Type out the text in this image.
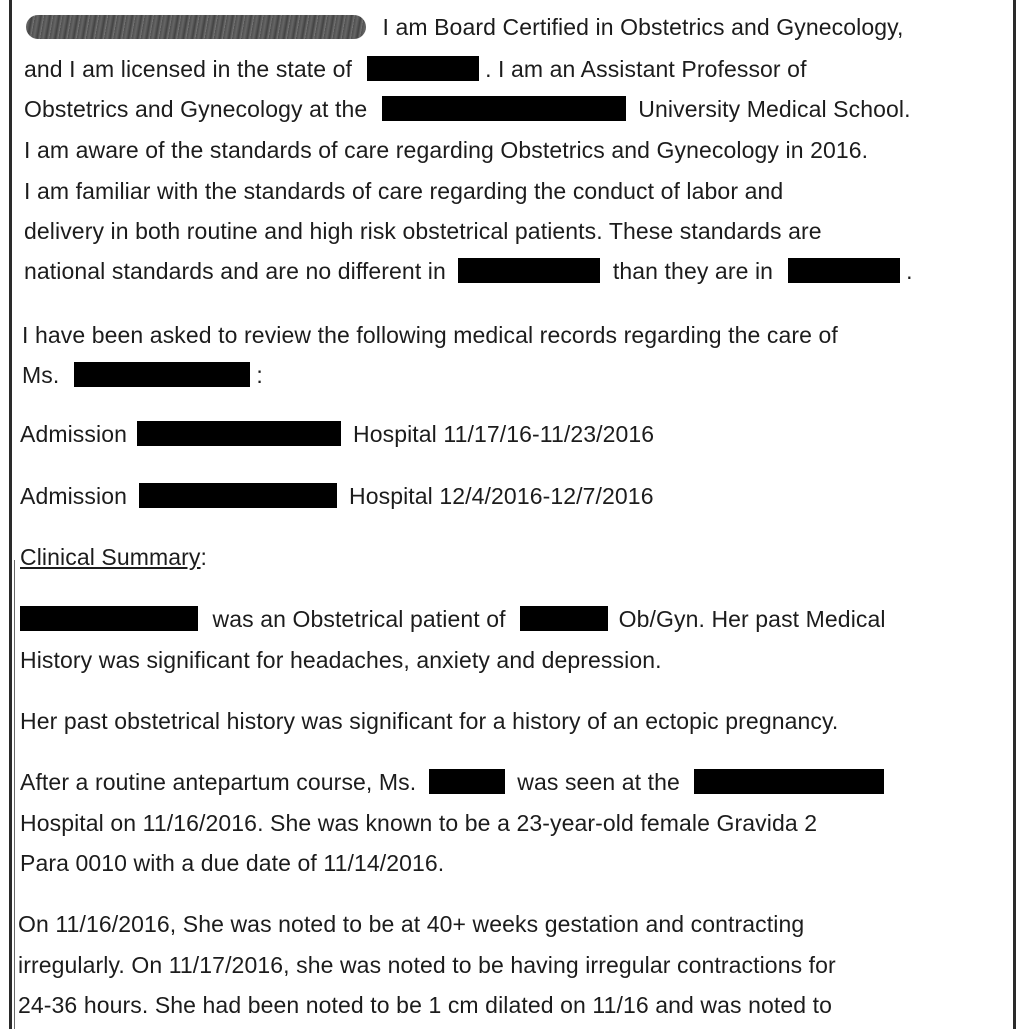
I am Board Certified in Obstetrics and Gynecology,
and I am licensed in the state of	. I am an Assistant Professor of
Obstetrics and Gynecology at the	University Medical School.
I am aware of the standards of care regarding Obstetrics and Gynecology in 2016.
I am familiar with the standards of care regarding the conduct of labor and
delivery in both routine and high risk obstetrical patients. These standards are
national standards and are no different in	than they are in	.
I have been asked to review the following medical records regarding the care of
Ms.	:
Admission	Hospital 11/17/16-11/23/2016
Admission	Hospital 12/4/2016-12/7/2016
Clinical Summary:
was an Obstetrical patient of	Ob/Gyn. Her past Medical
History was significant for headaches, anxiety and depression.
Her past obstetrical history was significant for a history of an ectopic pregnancy.
After a routine antepartum course, Ms.	was seen at the
Hospital on 11/16/2016. She was known to be a 23-year-old female Gravida 2
Para 0010 with a due date of 11/14/2016.
On 11/16/2016, She was noted to be at 40+ weeks gestation and contracting
irregularly. On 11/17/2016, she was noted to be having irregular contractions for
24-36 hours. She had been noted to be 1 cm dilated on 11/16 and was noted to
